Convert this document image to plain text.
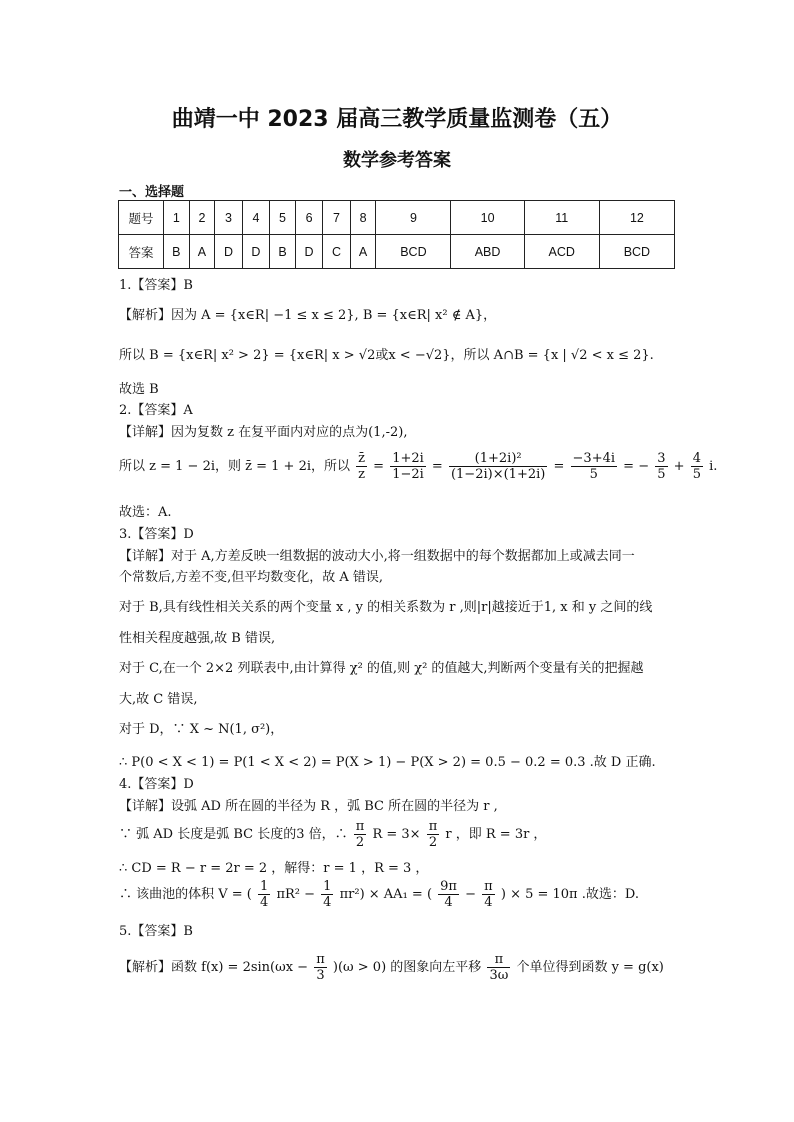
曲靖一中 2023 届高三教学质量监测卷（五）
数学参考答案
一、选择题
题号	1	2	3	4	5	6	7	8	9	10	11	12
答案	B	A	D	D	B	D	C	A	BCD	ABD	ACD	BCD
1.【答案】B
【解析】因为 A = {x∈R| −1 ≤ x ≤ 2}, B = {x∈R| x² ∉ A}，
所以 B = {x∈R| x² > 2} = {x∈R| x > √2或x < −√2}，所以 A∩B = {x | √2 < x ≤ 2}.
故选 B
2.【答案】A
【详解】因为复数 z 在复平面内对应的点为(1,-2),
所以 z = 1 − 2i，则 z̄ = 1 + 2i，所以 $\frac{z̄}{z} = \frac{1+2i}{1-2i} = \frac{\text{(1+2i)²}}{(1-2i)\times(1+2i)} = \frac{-3+4i}{5}$ = − $\frac{3}{5} + \frac{4}{5} i$.
故选：A.
3.【答案】D
【详解】对于 A,方差反映一组数据的波动大小,将一组数据中的每个数据都加上或减去同一
个常数后,方差不变,但平均数变化，故 A 错误,
对于 B,具有线性相关关系的两个变量 x , y 的相关系数为 r ,则|r|越接近于1, x 和 y 之间的线
性相关程度越强,故 B 错误,
对于 C,在一个 2×2 列联表中,由计算得 χ² 的值,则 χ² 的值越大,判断两个变量有关的把握越
大,故 C 错误,
对于 D，∵ X ~ N(1, σ²)，
∴ P(0 < X < 1) = P(1 < X < 2) = P(X > 1) − P(X > 2) = 0.5 − 0.2 = 0.3 .故 D 正确.
4.【答案】D
【详解】设弧 AD 所在圆的半径为 R ，弧 BC 所在圆的半径为 r ,
∵ 弧 AD 长度是弧 BC 长度的3 倍，∴ $\frac{\pi}{2}$ $R = 3\times \frac{\pi}{2}$ r ，即 R = 3r ，
∴ CD = R − r = 2r = 2 ，解得：r = 1 ，R = 3 ，
∴ 该曲池的体积 V = ( $\frac{1}{4} \pi R^2 - \frac{1}{4} \pi r^2) \times AA_1$ = ( $\frac{9\pi}{4} - \frac{\pi}{4}$ ) × 5 = 10π .故选：D.
5.【答案】B
【解析】函数 $f(x) = 2\sin(\omega x - \frac{\pi}{3} )(\omega > 0)$ 的图象向左平移 $\frac{\pi}{3\omega}$ 个单位得到函数 y = g(x)
